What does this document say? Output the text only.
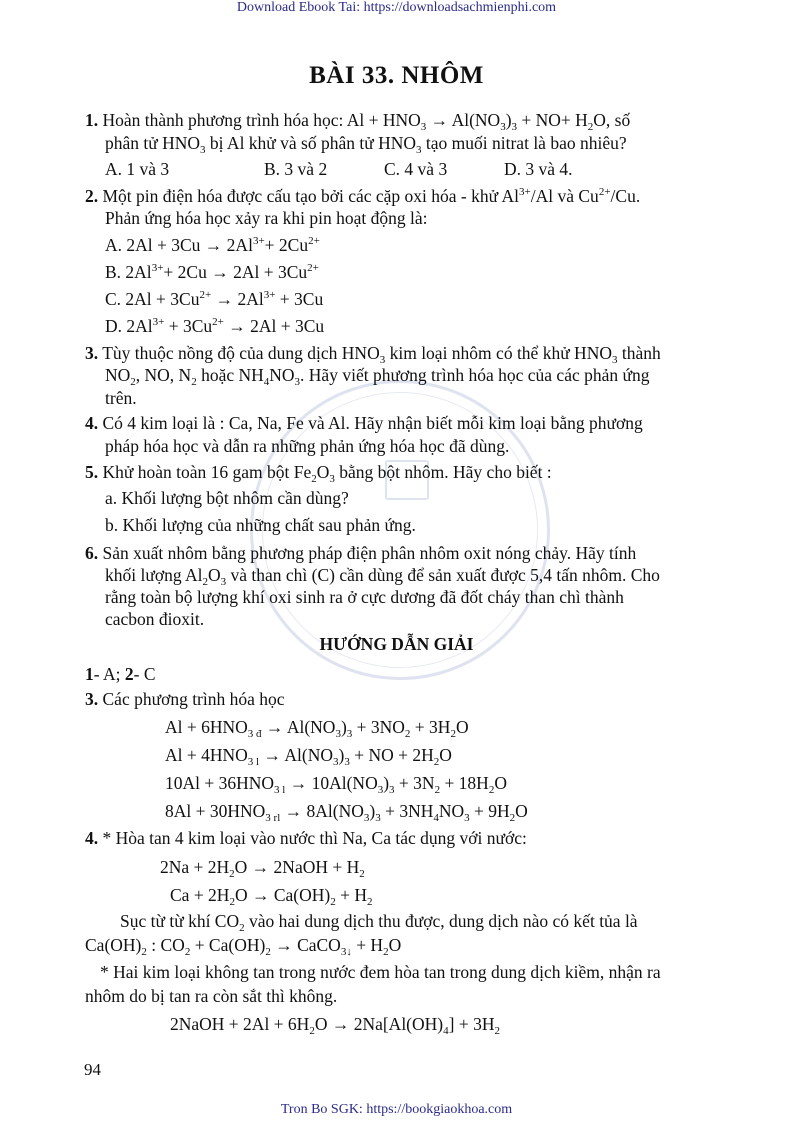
Download Ebook Tai: https://downloadsachmienphi.com
BÀI 33. NHÔM
1. Hoàn thành phương trình hóa học: $Al + HNO_3 \to Al(NO_3)_3 + NO+ H_2O$, số
phân tử $HNO_3$ bị Al khử và số phân tử $HNO_3$ tạo muối nitrat là bao nhiêu?
A. 1 và 3	B. 3 và 2	C. 4 và 3	D. 3 và 4.
2. Một pin điện hóa được cấu tạo bởi các cặp oxi hóa - khử $Al^{3+}/Al$ và $Cu^{2+}/Cu$.
Phản ứng hóa học xảy ra khi pin hoạt động là:
A. $2Al + 3Cu \to 2Al^{3+}+ 2Cu^{2+}$
B. $2Al^{3+}+ 2Cu \to 2Al + 3Cu^{2+}$
C. $2Al + 3Cu^{2+} \to 2Al^{3+} + 3Cu$
D. $2Al^{3+} + 3Cu^{2+} \to 2Al + 3Cu$
3. Tùy thuộc nồng độ của dung dịch $HNO_3$ kim loại nhôm có thể khử $HNO_3$ thành
$NO_2$, NO, $N_2$ hoặc $NH_4NO_3$. Hãy viết phương trình hóa học của các phản ứng
trên.
4. Có 4 kim loại là : Ca, Na, Fe và Al. Hãy nhận biết mỗi kim loại bằng phương
pháp hóa học và dẫn ra những phản ứng hóa học đã dùng.
5. Khử hoàn toàn 16 gam bột $Fe_2O_3$ bằng bột nhôm. Hãy cho biết :
a. Khối lượng bột nhôm cần dùng?
b. Khối lượng của những chất sau phản ứng.
6. Sản xuất nhôm bằng phương pháp điện phân nhôm oxit nóng chảy. Hãy tính
khối lượng $Al_2O_3$ và than chì (C) cần dùng để sản xuất được 5,4 tấn nhôm. Cho
rằng toàn bộ lượng khí oxi sinh ra ở cực dương đã đốt cháy than chì thành
cacbon đioxit.
HƯỚNG DẪN GIẢI
1- A; 2- C
3. Các phương trình hóa học
$Al + 6HNO_{3 đ} \to Al(NO_3)_3 + 3NO_2 + 3H_2O$
$Al + 4HNO_{3 l} \to Al(NO_3)_3$ + NO + $2H_2O$
$10Al + 36HNO_{3 l} \to 10Al(NO_3)_3 + 3N_2 + 18H_2O$
$8Al + 30HNO_{3 rl} \to 8Al(NO_3)_3 + 3NH_4NO_3 + 9H_2O$
4. * Hòa tan 4 kim loại vào nước thì Na, Ca tác dụng với nước:
$2Na + 2H_2O$ → 2NaOH + $H_2$
$Ca + 2H_2O \to Ca(OH)_2 + H_2$
Sục từ từ khí $CO_2$ vào hai dung dịch thu được, dung dịch nào có kết tủa là
$Ca(OH)_2$ : $CO_2 + Ca(OH)_2$ → CaCO$_{3↓}$ + $H_2O$
* Hai kim loại không tan trong nước đem hòa tan trong dung dịch kiềm, nhận ra
nhôm do bị tan ra còn sắt thì không.
2NaOH + $2Al + 6H_2O \to 2Na[Al(OH)_4] + 3H_2$
94
Tron Bo SGK: https://bookgiaokhoa.com
